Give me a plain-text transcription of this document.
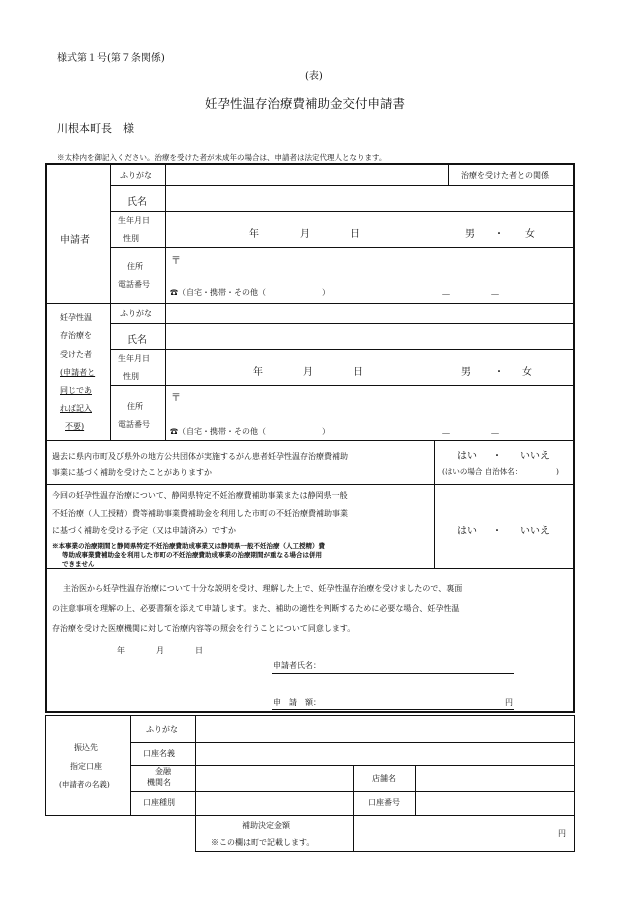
様式第１号(第７条関係)
(表)
妊孕性温存治療費補助金交付申請書
川根本町長　様
※太枠内を御記入ください。治療を受けた者が未成年の場合は、申請者は法定代理人となります。
申請者
ふりがな	治療を受けた者との関係
氏名
生年月日
性別	年	月	日	男 ・ 女
住所
電話番号
〒
☎（自宅・携帯・その他（　　　　　　　）	－	－
妊孕性温
存治療を
受けた者
(申請者と
同じであ
れば記入
不要)
ふりがな
氏名
生年月日
性別	年	月	日	男 ・ 女
住所
電話番号
〒
☎（自宅・携帯・その他（　　　　　　　）	－	－
過去に県内市町及び県外の地方公共団体が実施するがん患者妊孕性温存治療費補助
事業に基づく補助を受けたことがありますか
はい ・ いいえ
(はいの場合 自治体名：　　　　　)
今回の妊孕性温存治療について、静岡県特定不妊治療費補助事業または静岡県一般
不妊治療（人工授精）費等補助事業費補助金を利用した市町の不妊治療費補助事業
に基づく補助を受ける予定（又は申請済み）ですか
※本事業の治療期間と静岡県特定不妊治療費助成事業又は静岡県一般不妊治療（人工授精）費
等助成事業費補助金を利用した市町の不妊治療費助成事業の治療期間が重なる場合は併用
できません
はい ・ いいえ
主治医から妊孕性温存治療について十分な説明を受け、理解した上で、妊孕性温存治療を受けましたので、裏面
の注意事項を理解の上、必要書類を添えて申請します。また、補助の適性を判断するために必要な場合、妊孕性温
存治療を受けた医療機関に対して治療内容等の照会を行うことについて同意します。
年	月	日
申請者氏名：
申　請　額：	円
振込先
指定口座
(申請者の名義)
ふりがな
口座名義
金融
機関名	店舗名
口座種別	口座番号
補助決定金額
※この欄は町で記載します。
円
